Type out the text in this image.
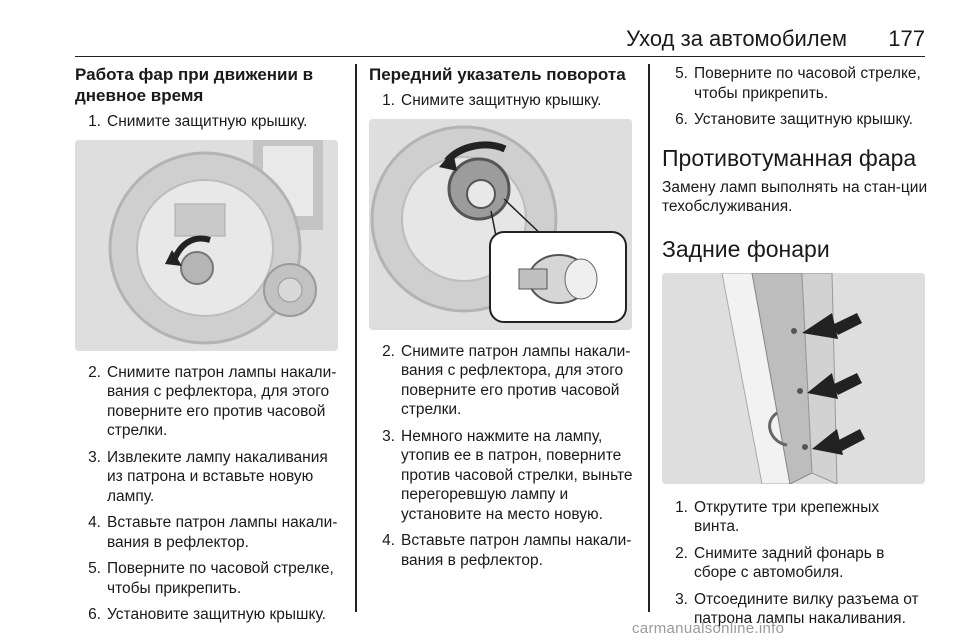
Уход за автомобилем 177
Работа фар при движении в дневное время
1. Снимите защитную крышку.
2. Снимите патрон лампы накали-вания с рефлектора, для этого поверните его против часовой стрелки.
3. Извлеките лампу накаливания из патрона и вставьте новую лампу.
4. Вставьте патрон лампы накали-вания в рефлектор.
5. Поверните по часовой стрелке, чтобы прикрепить.
6. Установите защитную крышку.
Передний указатель поворота
1. Снимите защитную крышку.
2. Снимите патрон лампы накали-вания с рефлектора, для этого поверните его против часовой стрелки.
3. Немного нажмите на лампу, утопив ее в патрон, поверните против часовой стрелки, выньте перегоревшую лампу и установите на место новую.
4. Вставьте патрон лампы накали-вания в рефлектор.
5. Поверните по часовой стрелке, чтобы прикрепить.
6. Установите защитную крышку.
Противотуманная фара
Замену ламп выполнять на стан-ции техобслуживания.
Задние фонари
1. Открутите три крепежных винта.
2. Снимите задний фонарь в сборе с автомобиля.
3. Отсоедините вилку разъема от патрона лампы накаливания.
carmanualsonline.info
